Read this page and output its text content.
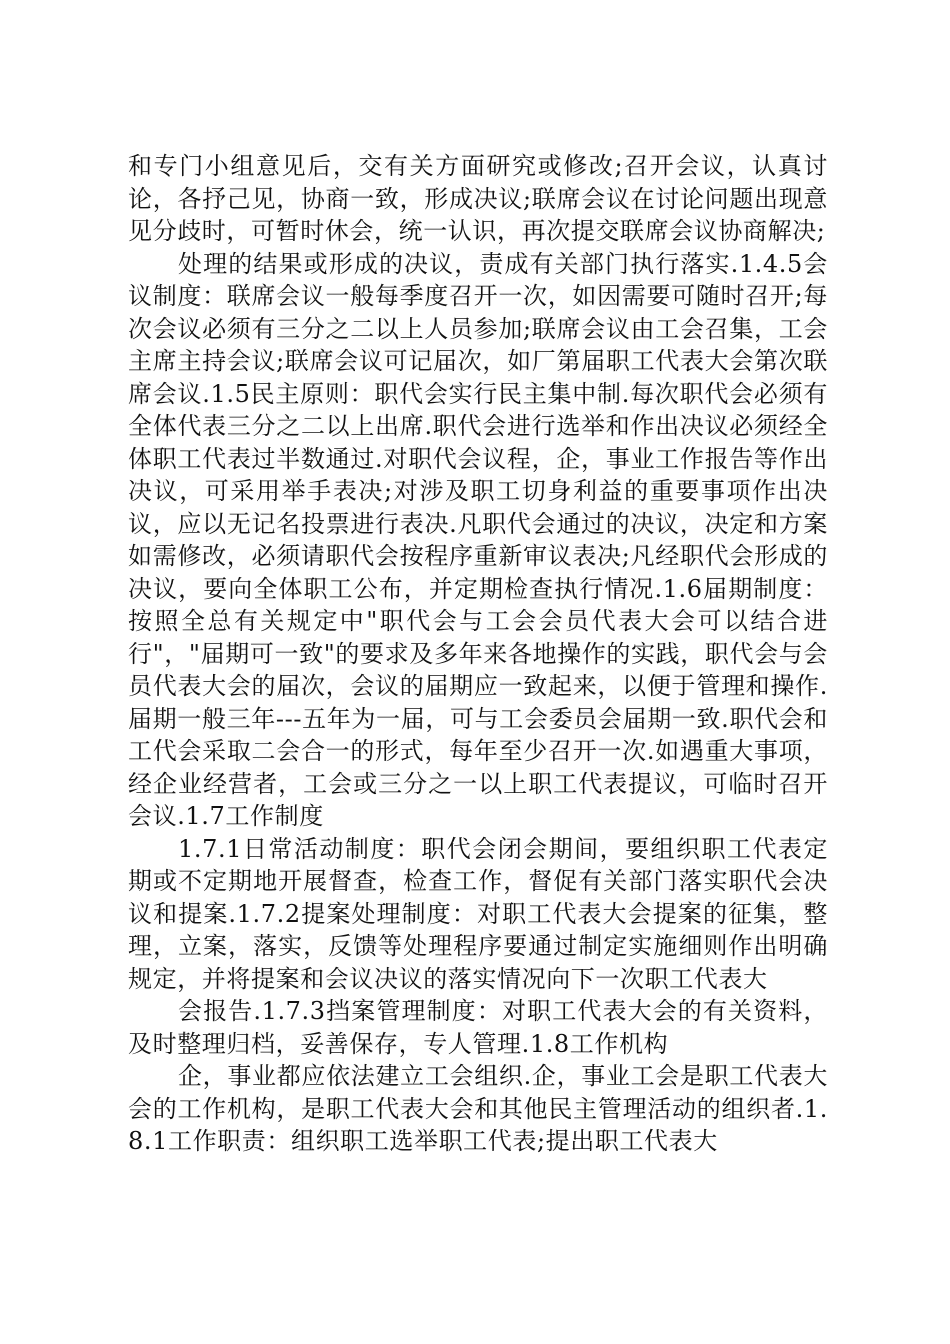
和专门小组意见后，交有关方面研究或修改;召开会议，认真讨论，各抒己见，协商一致，形成决议;联席会议在讨论问题出现意见分歧时，可暂时休会，统一认识，再次提交联席会议协商解决;

处理的结果或形成的决议，责成有关部门执行落实.1.4.5会议制度：联席会议一般每季度召开一次，如因需要可随时召开;每次会议必须有三分之二以上人员参加;联席会议由工会召集，工会主席主持会议;联席会议可记届次，如厂第届职工代表大会第次联席会议.1.5民主原则：职代会实行民主集中制.每次职代会必须有全体代表三分之二以上出席.职代会进行选举和作出决议必须经全体职工代表过半数通过.对职代会议程，企，事业工作报告等作出决议，可采用举手表决;对涉及职工切身利益的重要事项作出决议，应以无记名投票进行表决.凡职代会通过的决议，决定和方案如需修改，必须请职代会按程序重新审议表决;凡经职代会形成的决议，要向全体职工公布，并定期检查执行情况.1.6届期制度：按照全总有关规定中"职代会与工会会员代表大会可以结合进行"，"届期可一致"的要求及多年来各地操作的实践，职代会与会员代表大会的届次，会议的届期应一致起来，以便于管理和操作.届期一般三年---五年为一届，可与工会委员会届期一致.职代会和工代会采取二会合一的形式，每年至少召开一次.如遇重大事项，经企业经营者，工会或三分之一以上职工代表提议，可临时召开会议.1.7工作制度

1.7.1日常活动制度：职代会闭会期间，要组织职工代表定期或不定期地开展督查，检查工作，督促有关部门落实职代会决议和提案.1.7.2提案处理制度：对职工代表大会提案的征集，整理，立案，落实，反馈等处理程序要通过制定实施细则作出明确规定，并将提案和会议决议的落实情况向下一次职工代表大

会报告.1.7.3挡案管理制度：对职工代表大会的有关资料，及时整理归档，妥善保存，专人管理.1.8工作机构

企，事业都应依法建立工会组织.企，事业工会是职工代表大会的工作机构，是职工代表大会和其他民主管理活动的组织者.1.8.1工作职责：组织职工选举职工代表;提出职工代表大
